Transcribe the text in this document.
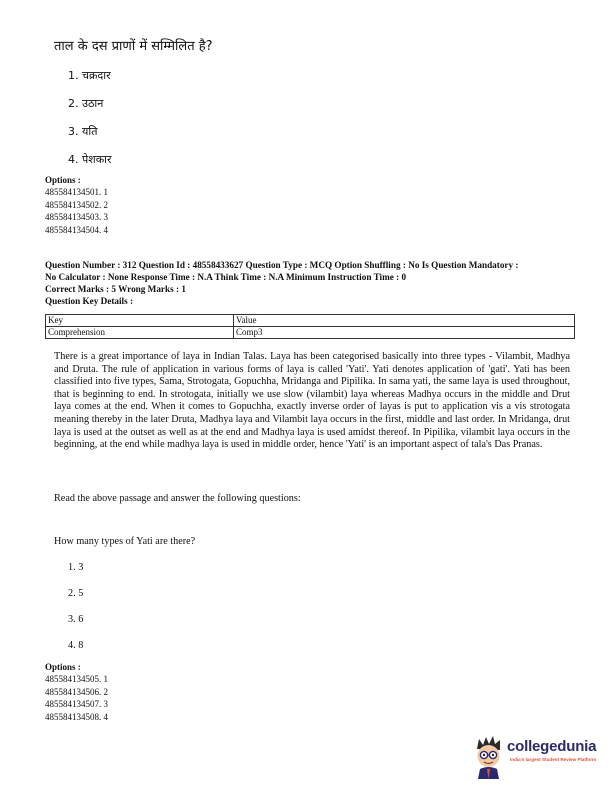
ताल के दस प्राणों में सम्मिलित है?
1. चक्रदार
2. उठान
3. यति
4. पेशकार
Options :
485584134501. 1
485584134502. 2
485584134503. 3
485584134504. 4
Question Number : 312 Question Id : 48558433627 Question Type : MCQ Option Shuffling : No Is Question Mandatory :
No Calculator : None Response Time : N.A Think Time : N.A Minimum Instruction Time : 0
Correct Marks : 5 Wrong Marks : 1
Question Key Details :
Key	Value
Comprehension	Comp3
There is a great importance of laya in Indian Talas. Laya has been categorised basically into three types - Vilambit, Madhya and Druta. The rule of application in various forms of laya is called 'Yati'. Yati denotes application of 'gati'. Yati has been classified into five types, Sama, Strotogata, Gopuchha, Mridanga and Pipilika. In sama yati, the same laya is used throughout, that is beginning to end. In strotogata, initially we use slow (vilambit) laya whereas Madhya occurs in the middle and Drut laya comes at the end. When it comes to Gopuchha, exactly inverse order of layas is put to application vis a vis strotogata meaning thereby in the later Druta, Madhya laya and Vilambit laya occurs in the first, middle and last order. In Mridanga, drut laya is used at the outset as well as at the end and Madhya laya is used amidst thereof. In Pipilika, vilambit laya occurs in the beginning, at the end while madhya laya is used in middle order, hence 'Yati' is an important aspect of tala's Das Pranas.
Read the above passage and answer the following questions:
How many types of Yati are there?
1. 3
2. 5
3. 6
4. 8
Options :
485584134505. 1
485584134506. 2
485584134507. 3
485584134508. 4
collegedunia
India's largest Student Review Platform
